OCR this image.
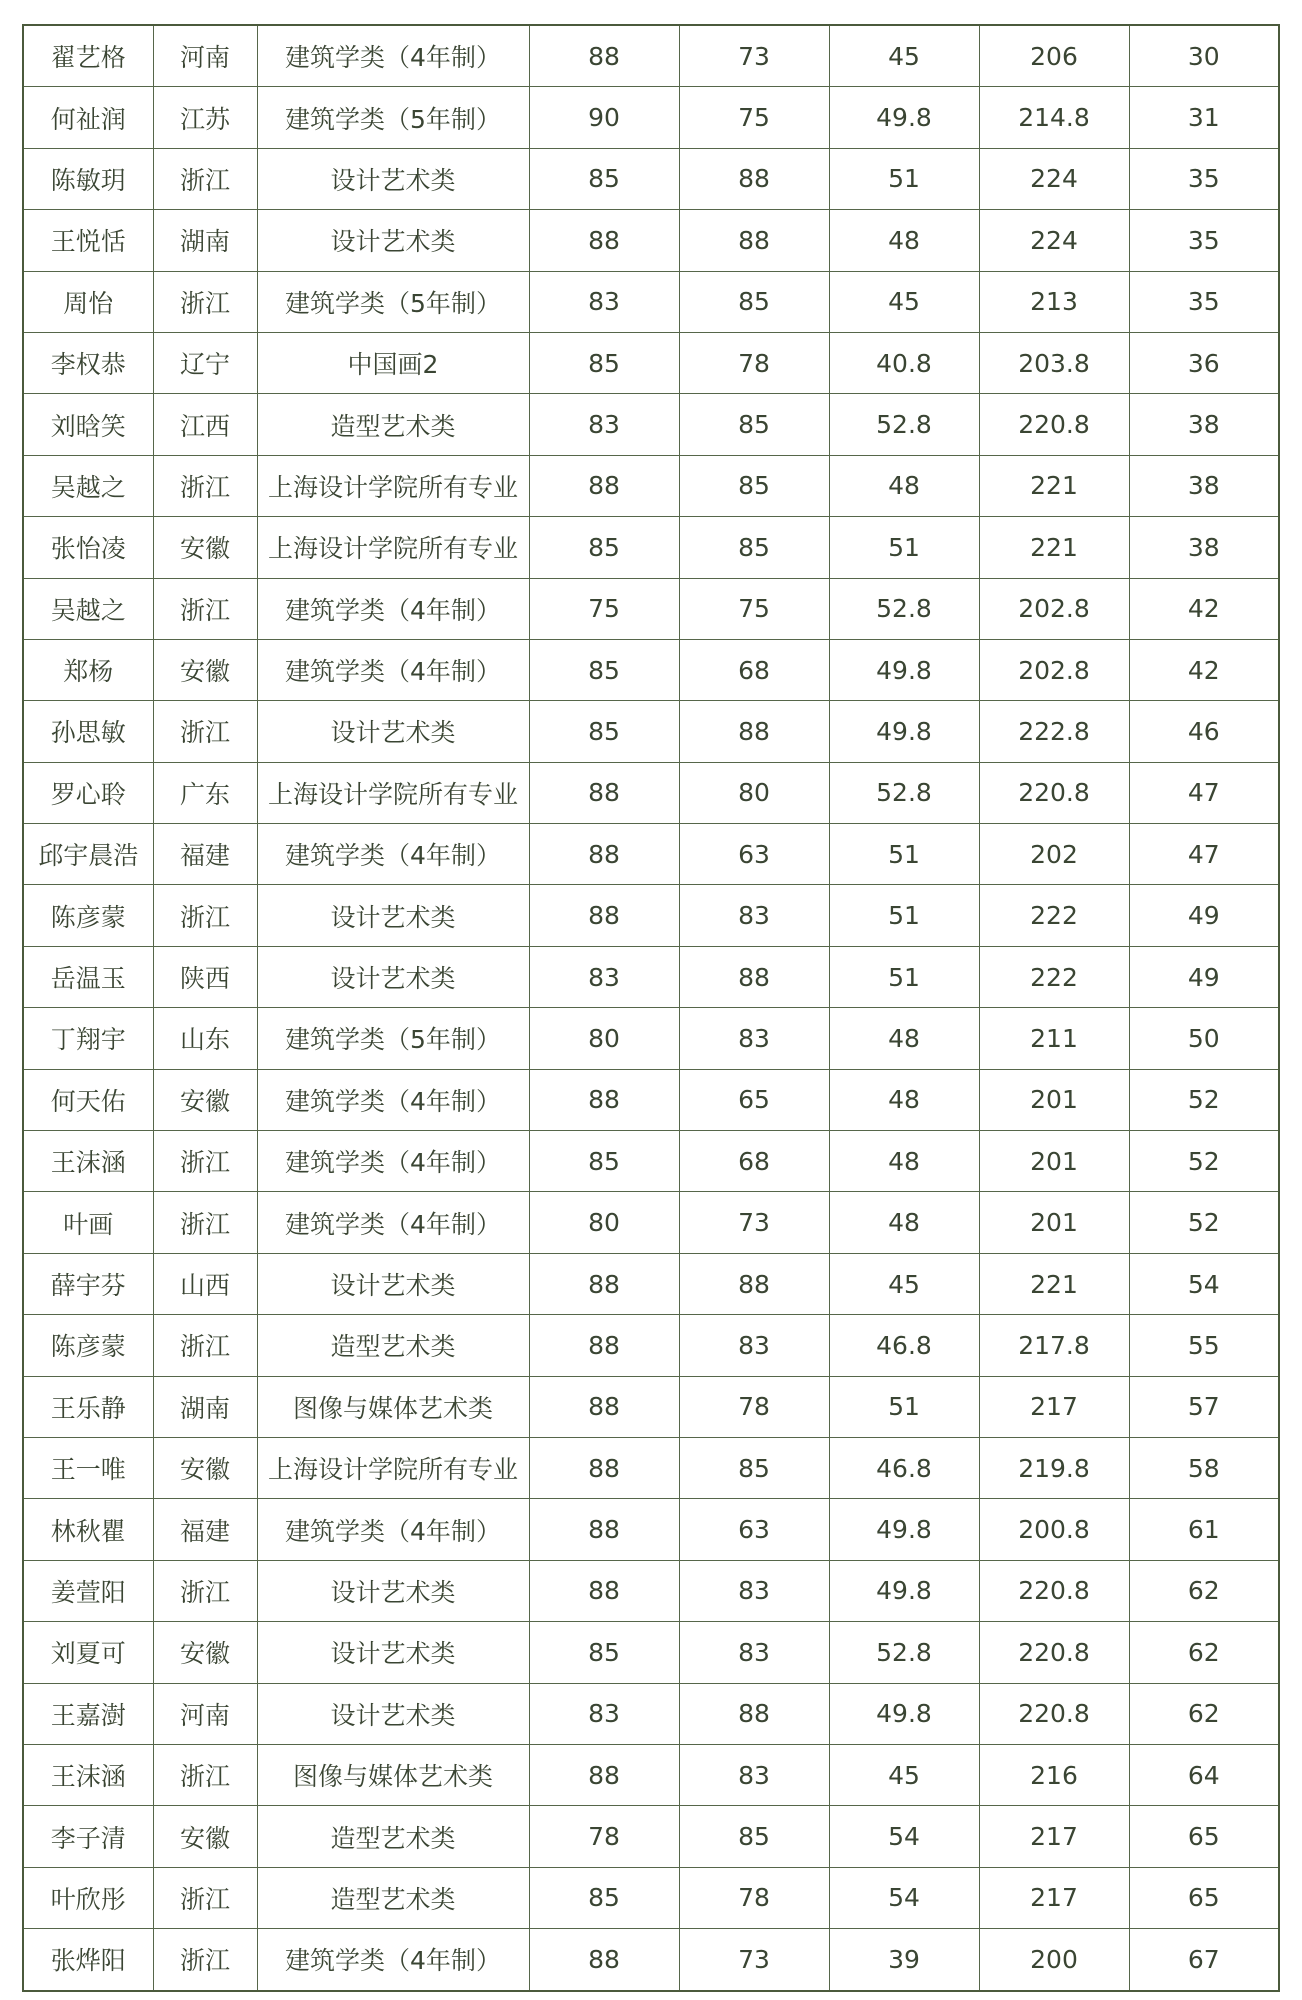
翟艺格	河南	建筑学类（4年制）	88	73	45	206	30
何祉润	江苏	建筑学类（5年制）	90	75	49.8	214.8	31
陈敏玥	浙江	设计艺术类	85	88	51	224	35
王悦恬	湖南	设计艺术类	88	88	48	224	35
周怡	浙江	建筑学类（5年制）	83	85	45	213	35
李权恭	辽宁	中国画2	85	78	40.8	203.8	36
刘晗笑	江西	造型艺术类	83	85	52.8	220.8	38
吴越之	浙江	上海设计学院所有专业	88	85	48	221	38
张怡凌	安徽	上海设计学院所有专业	85	85	51	221	38
吴越之	浙江	建筑学类（4年制）	75	75	52.8	202.8	42
郑杨	安徽	建筑学类（4年制）	85	68	49.8	202.8	42
孙思敏	浙江	设计艺术类	85	88	49.8	222.8	46
罗心聆	广东	上海设计学院所有专业	88	80	52.8	220.8	47
邱宇晨浩	福建	建筑学类（4年制）	88	63	51	202	47
陈彦蒙	浙江	设计艺术类	88	83	51	222	49
岳温玉	陕西	设计艺术类	83	88	51	222	49
丁翔宇	山东	建筑学类（5年制）	80	83	48	211	50
何天佑	安徽	建筑学类（4年制）	88	65	48	201	52
王沫涵	浙江	建筑学类（4年制）	85	68	48	201	52
叶画	浙江	建筑学类（4年制）	80	73	48	201	52
薛宇芬	山西	设计艺术类	88	88	45	221	54
陈彦蒙	浙江	造型艺术类	88	83	46.8	217.8	55
王乐静	湖南	图像与媒体艺术类	88	78	51	217	57
王一唯	安徽	上海设计学院所有专业	88	85	46.8	219.8	58
林秋瞿	福建	建筑学类（4年制）	88	63	49.8	200.8	61
姜萱阳	浙江	设计艺术类	88	83	49.8	220.8	62
刘夏可	安徽	设计艺术类	85	83	52.8	220.8	62
王嘉澍	河南	设计艺术类	83	88	49.8	220.8	62
王沫涵	浙江	图像与媒体艺术类	88	83	45	216	64
李子清	安徽	造型艺术类	78	85	54	217	65
叶欣彤	浙江	造型艺术类	85	78	54	217	65
张烨阳	浙江	建筑学类（4年制）	88	73	39	200	67
